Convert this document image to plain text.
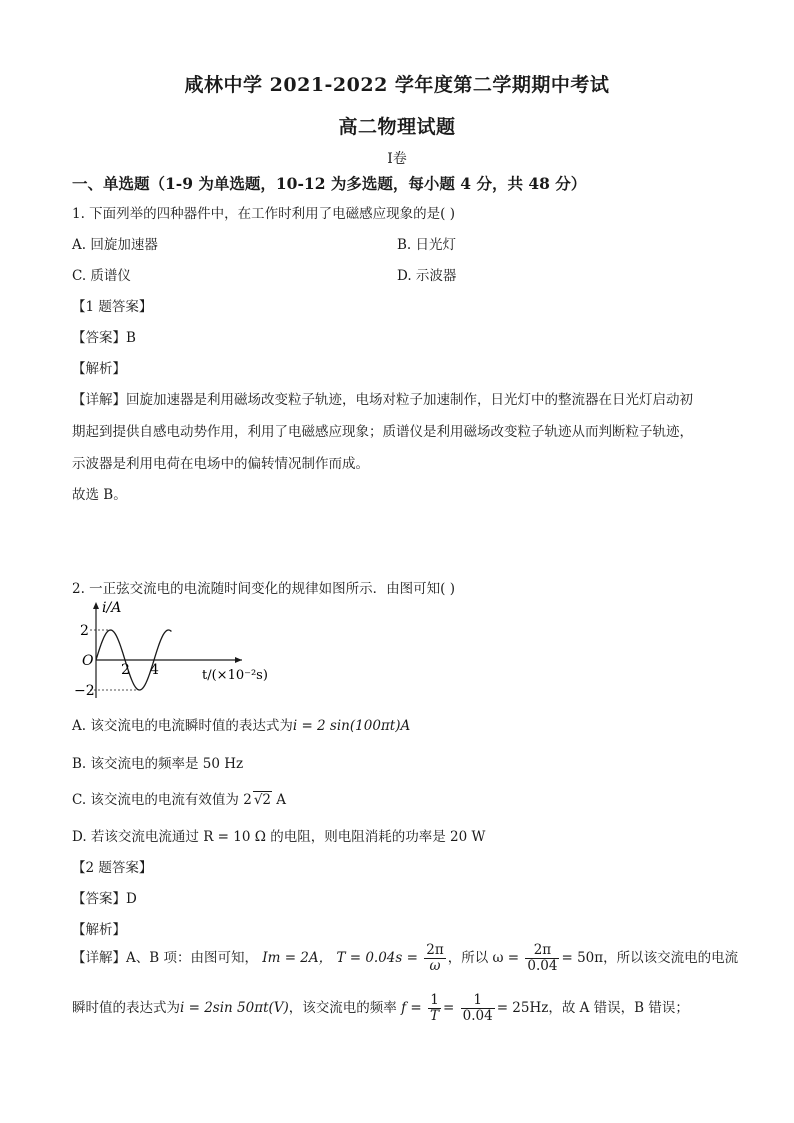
咸林中学 2021-2022 学年度第二学期期中考试
高二物理试题
Ⅰ卷
一、单选题（1-9 为单选题，10-12 为多选题，每小题 4 分，共 48 分）
1. 下面列举的四种器件中，在工作时利用了电磁感应现象的是( )
A. 回旋加速器	B. 日光灯
C. 质谱仪	D. 示波器
【1 题答案】
【答案】B
【解析】
【详解】回旋加速器是利用磁场改变粒子轨迹，电场对粒子加速制作，日光灯中的整流器在日光灯启动初
期起到提供自感电动势作用，利用了电磁感应现象；质谱仪是利用磁场改变粒子轨迹从而判断粒子轨迹，
示波器是利用电荷在电场中的偏转情况制作而成。
故选 B。
2. 一正弦交流电的电流随时间变化的规律如图所示．由图可知( )
i/A
2
−2
O
2 4	t/(×10⁻²s)
A. 该交流电的电流瞬时值的表达式为i = 2 sin(100πt)A
B. 该交流电的频率是 50 Hz
C. 该交流电的电流有效值为 2 √2 A
D. 若该交流电流通过 R = 10 Ω 的电阻，则电阻消耗的功率是 20 W
【2 题答案】
【答案】D
【解析】
【详解】A、B 项：由图可知， Im = 2A， $T = 0.04s = \frac{2\pi}{\omega}$ ，所以 $\omega = \frac{2\pi}{0.04} = 50\pi$，所以该交流电的电流
瞬时值的表达式为i = 2sin 50πt(V)，该交流电的频率 $f = \frac{1}{T} = \frac{1}{0.04} = 25Hz$，故 A 错误，B 错误；
